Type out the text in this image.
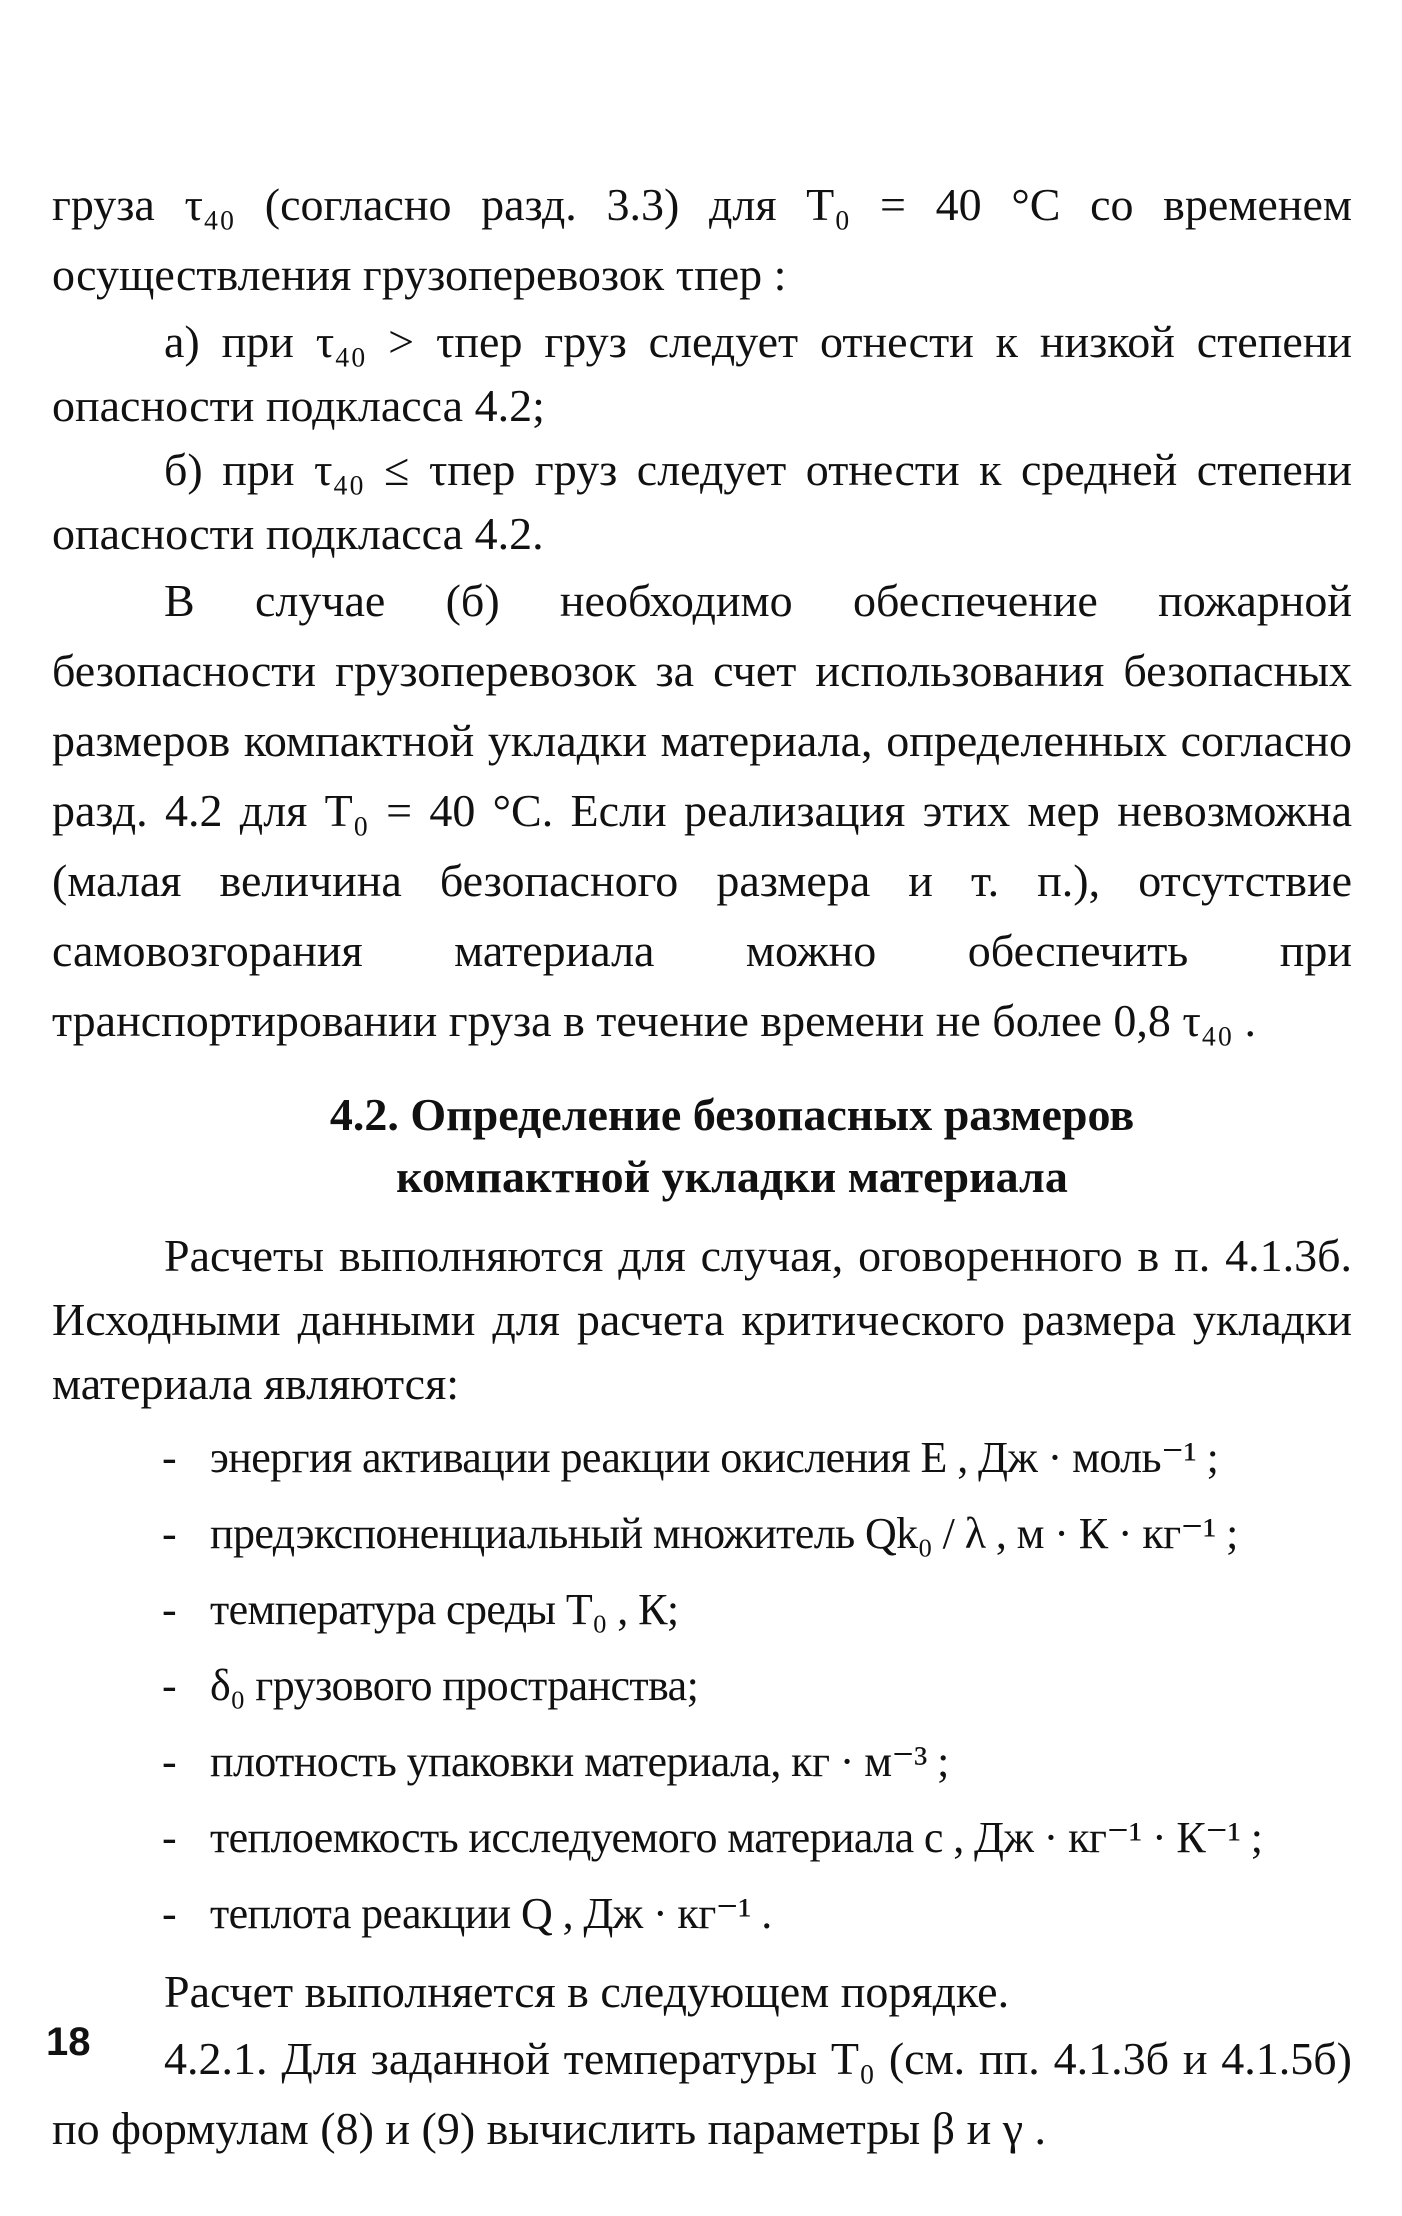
груза τ₄₀ (согласно разд. 3.3) для T₀ = 40 °C со временем осуществления грузоперевозок τпер :

а) при τ₄₀ > τпер груз следует отнести к низкой степени опасности подкласса 4.2;

б) при τ₄₀ ≤ τпер груз следует отнести к средней степени опасности подкласса 4.2.

В случае (б) необходимо обеспечение пожарной безопасности грузоперевозок за счет использования безопасных размеров компактной укладки материала, определенных согласно разд. 4.2 для T₀ = 40 °C. Если реализация этих мер невозможна (малая величина безопасного размера и т. п.), отсутствие самовозгорания материала можно обеспечить при транспортировании груза в течение времени не более 0,8 τ₄₀ .

4.2. Определение безопасных размеров
компактной укладки материала

Расчеты выполняются для случая, оговоренного в п. 4.1.3б. Исходными данными для расчета критического размера укладки материала являются:

- энергия активации реакции окисления E , Дж · моль⁻¹ ;
- предэкспоненциальный множитель Qk₀ / λ , м · К · кг⁻¹ ;
- температура среды T₀ , К;
- δ₀ грузового пространства;
- плотность упаковки материала, кг · м⁻³ ;
- теплоемкость исследуемого материала c , Дж · кг⁻¹ · К⁻¹ ;
- теплота реакции Q , Дж · кг⁻¹ .

Расчет выполняется в следующем порядке.

4.2.1. Для заданной температуры T₀ (см. пп. 4.1.3б и 4.1.5б) по формулам (8) и (9) вычислить параметры β и γ .

18
